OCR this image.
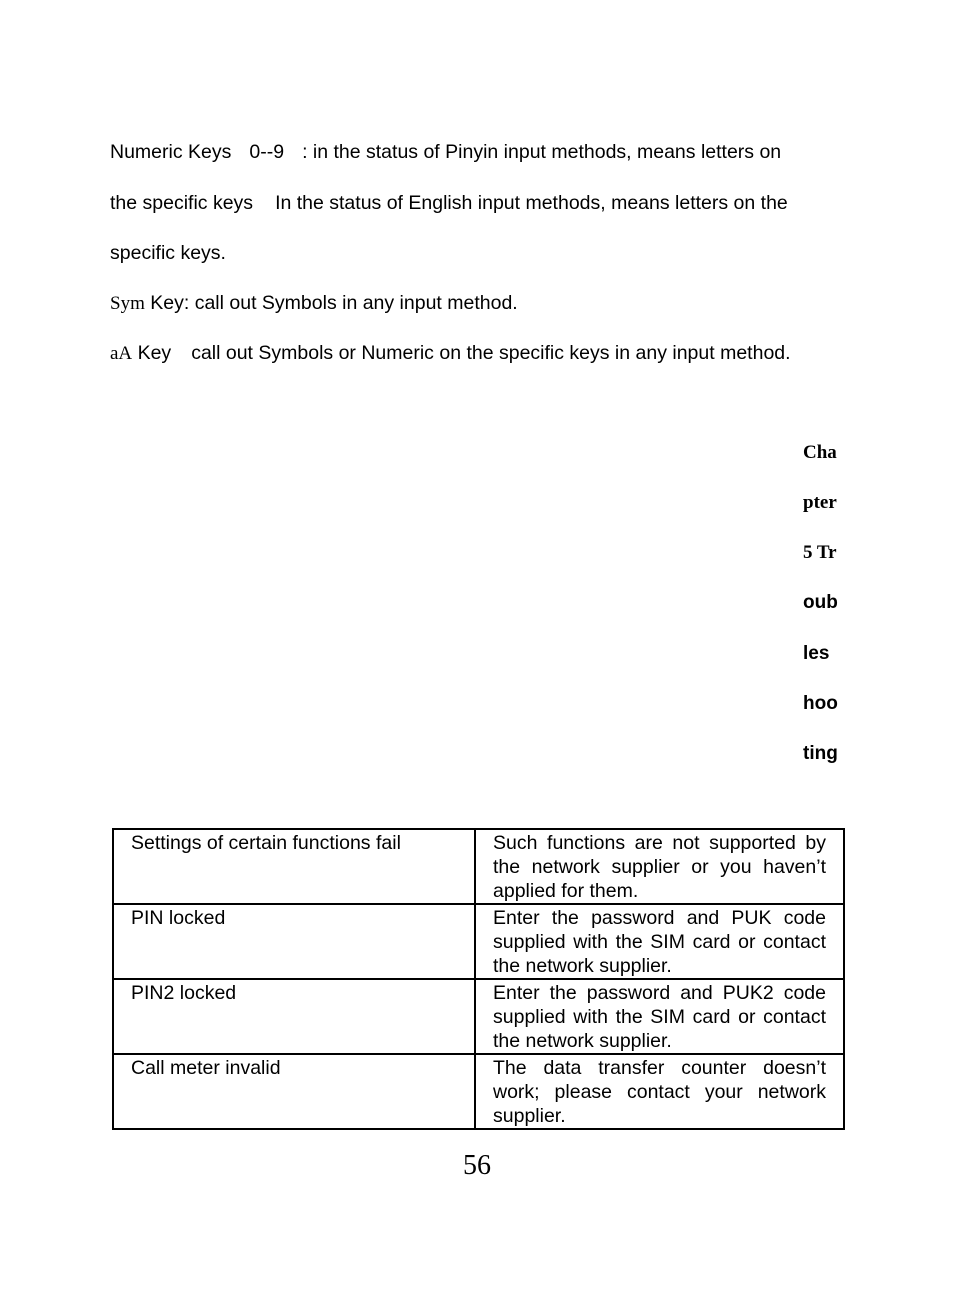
Numeric Keys 0--9 : in the status of Pinyin input methods, means letters on
the specific keys In the status of English input methods, means letters on the
specific keys.
Sym Key: call out Symbols in any input method.
aA Key call out Symbols or Numeric on the specific keys in any input method.
Cha
pter
5 Tr
oub
les
hoo
ting
Settings of certain functions fail	Such functions are not supported by the network supplier or you haven’t applied for them.
PIN locked	Enter the password and PUK code supplied with the SIM card or contact the network supplier.
PIN2 locked	Enter the password and PUK2 code supplied with the SIM card or contact the network supplier.
Call meter invalid	The data transfer counter doesn’t work; please contact your network supplier.
56
